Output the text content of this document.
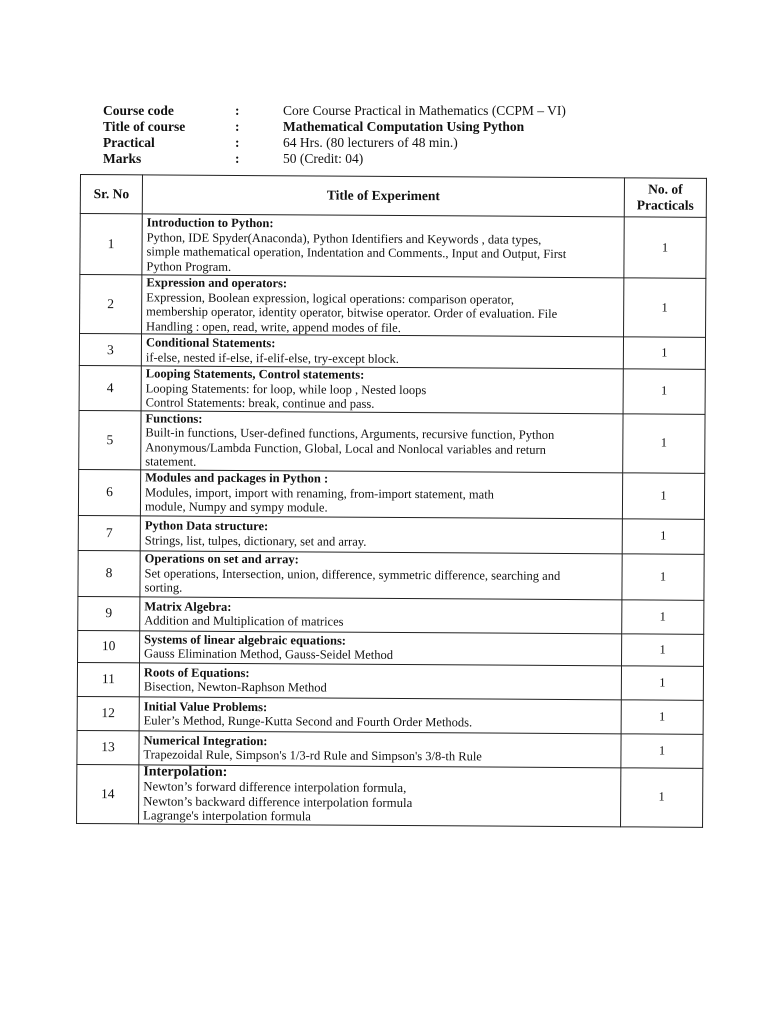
Course code	:	Core Course Practical in Mathematics (CCPM – VI)
Title of course	:	Mathematical Computation Using Python
Practical	:	64 Hrs. (80 lecturers of 48 min.)
Marks	:	50 (Credit: 04)
Sr. No	Title of Experiment	No. of Practicals
1	Introduction to Python:
Python, IDE Spyder(Anaconda), Python Identifiers and Keywords , data types,
simple mathematical operation, Indentation and Comments., Input and Output, First
Python Program.	1
2	Expression and operators:
Expression, Boolean expression, logical operations: comparison operator,
membership operator, identity operator, bitwise operator. Order of evaluation. File
Handling : open, read, write, append modes of file.	1
3	Conditional Statements:
if-else, nested if-else, if-elif-else, try-except block.	1
4	Looping Statements, Control statements:
Looping Statements: for loop, while loop , Nested loops
Control Statements: break, continue and pass.	1
5	Functions:
Built-in functions, User-defined functions, Arguments, recursive function, Python
Anonymous/Lambda Function, Global, Local and Nonlocal variables and return
statement.	1
6	Modules and packages in Python :
Modules, import, import with renaming, from-import statement, math
module, Numpy and sympy module.	1
7	Python Data structure:
Strings, list, tulpes, dictionary, set and array.	1
8	Operations on set and array:
Set operations, Intersection, union, difference, symmetric difference, searching and
sorting.	1
9	Matrix Algebra:
Addition and Multiplication of matrices	1
10	Systems of linear algebraic equations:
Gauss Elimination Method, Gauss-Seidel Method	1
11	Roots of Equations:
Bisection, Newton-Raphson Method	1
12	Initial Value Problems:
Euler’s Method, Runge-Kutta Second and Fourth Order Methods.	1
13	Numerical Integration:
Trapezoidal Rule, Simpson's 1/3-rd Rule and Simpson's 3/8-th Rule	1
14	Interpolation:
Newton’s forward difference interpolation formula,
Newton’s backward difference interpolation formula
Lagrange's interpolation formula	1
